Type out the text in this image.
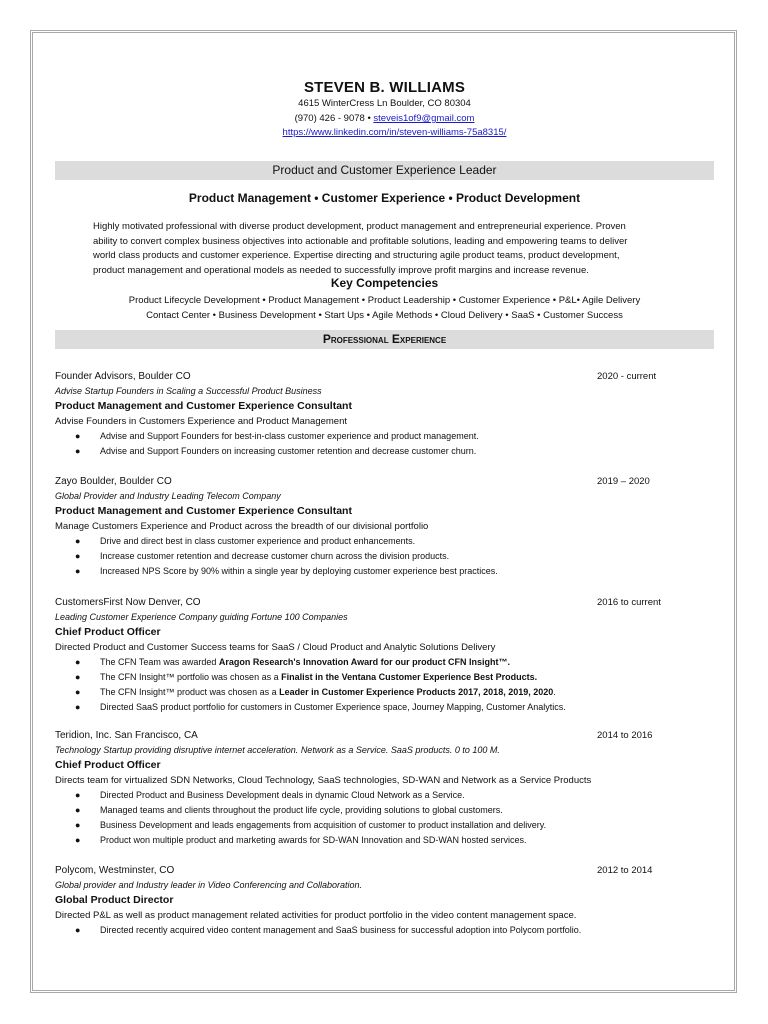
STEVEN B. WILLIAMS
4615 WinterCress Ln Boulder, CO 80304
(970) 426 - 9078 • steveis1of9@gmail.com
https://www.linkedin.com/in/steven-williams-75a8315/
Product and Customer Experience Leader
Product Management • Customer Experience • Product Development
Highly motivated professional with diverse product development, product management and entrepreneurial experience. Proven
ability to convert complex business objectives into actionable and profitable solutions, leading and empowering teams to deliver
world class products and customer experience. Expertise directing and structuring agile product teams, product development,
product management and operational models as needed to successfully improve profit margins and increase revenue.
Key Competencies
Product Lifecycle Development • Product Management • Product Leadership • Customer Experience • P&L• Agile Delivery
Contact Center • Business Development • Start Ups • Agile Methods • Cloud Delivery • SaaS • Customer Success
Professional Experience
Founder Advisors, Boulder CO	2020 - current
Advise Startup Founders in Scaling a Successful Product Business
Product Management and Customer Experience Consultant
Advise Founders in Customers Experience and Product Management
● Advise and Support Founders for best-in-class customer experience and product management.
● Advise and Support Founders on increasing customer retention and decrease customer churn.
Zayo Boulder, Boulder CO	2019 – 2020
Global Provider and Industry Leading Telecom Company
Product Management and Customer Experience Consultant
Manage Customers Experience and Product across the breadth of our divisional portfolio
● Drive and direct best in class customer experience and product enhancements.
● Increase customer retention and decrease customer churn across the division products.
● Increased NPS Score by 90% within a single year by deploying customer experience best practices.
CustomersFirst Now Denver, CO	2016 to current
Leading Customer Experience Company guiding Fortune 100 Companies
Chief Product Officer
Directed Product and Customer Success teams for SaaS / Cloud Product and Analytic Solutions Delivery
● The CFN Team was awarded Aragon Research's Innovation Award for our product CFN Insight™.
● The CFN Insight™ portfolio was chosen as a Finalist in the Ventana Customer Experience Best Products.
● The CFN Insight™ product was chosen as a Leader in Customer Experience Products 2017, 2018, 2019, 2020.
● Directed SaaS product portfolio for customers in Customer Experience space, Journey Mapping, Customer Analytics.
Teridion, Inc. San Francisco, CA	2014 to 2016
Technology Startup providing disruptive internet acceleration. Network as a Service. SaaS products. 0 to 100 M.
Chief Product Officer
Directs team for virtualized SDN Networks, Cloud Technology, SaaS technologies, SD-WAN and Network as a Service Products
● Directed Product and Business Development deals in dynamic Cloud Network as a Service.
● Managed teams and clients throughout the product life cycle, providing solutions to global customers.
● Business Development and leads engagements from acquisition of customer to product installation and delivery.
● Product won multiple product and marketing awards for SD-WAN Innovation and SD-WAN hosted services.
Polycom, Westminster, CO	2012 to 2014
Global provider and Industry leader in Video Conferencing and Collaboration.
Global Product Director
Directed P&L as well as product management related activities for product portfolio in the video content management space.
● Directed recently acquired video content management and SaaS business for successful adoption into Polycom portfolio.
